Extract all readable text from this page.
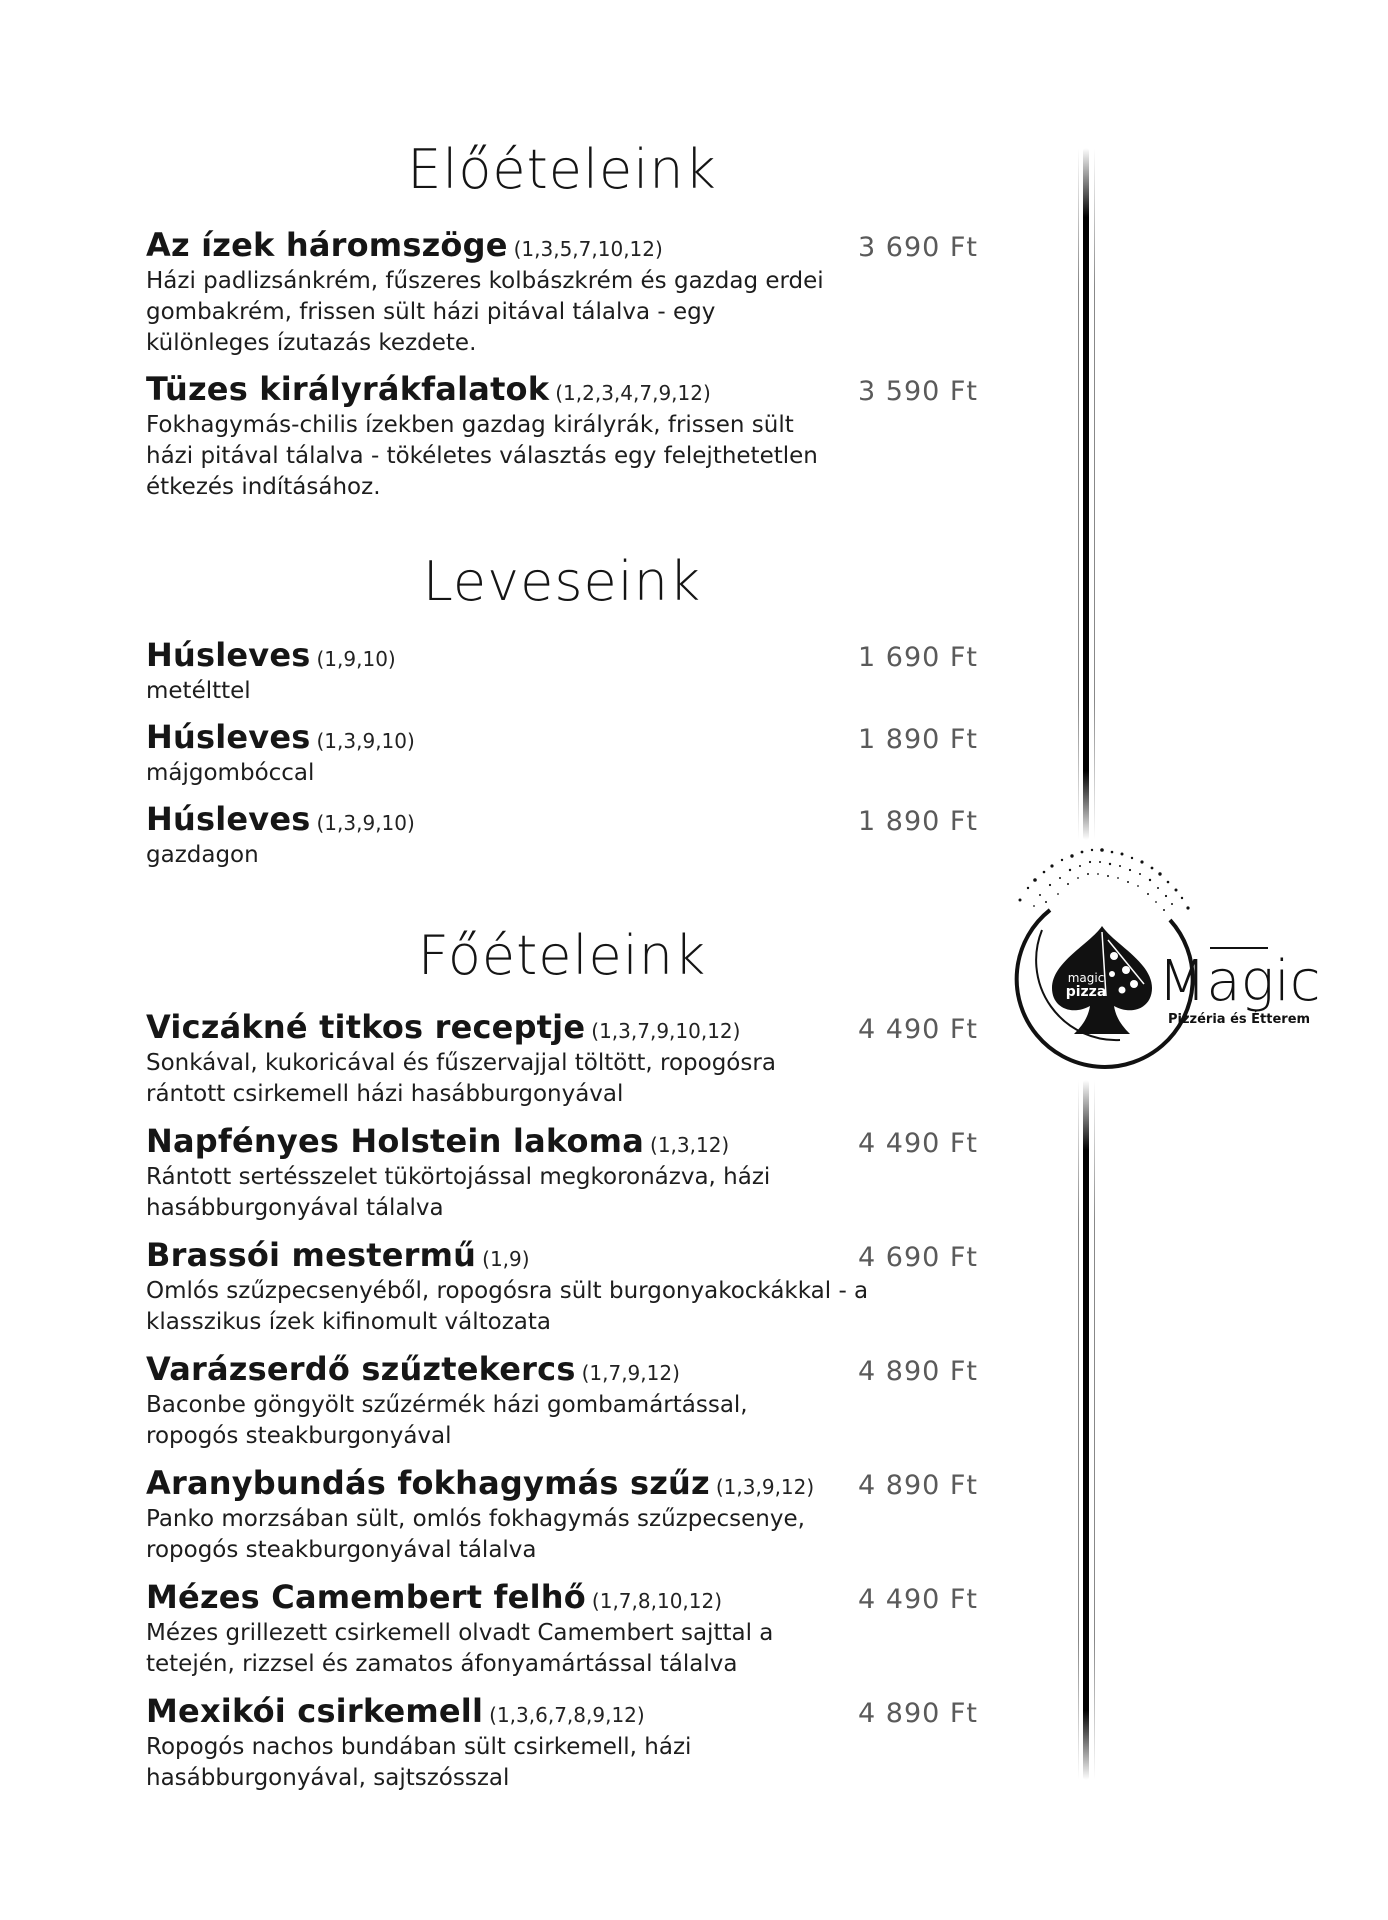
Előételeink
Az ízek háromszöge (1,3,5,7,10,12)	3 690 Ft
Házi padlizsánkrém, fűszeres kolbászkrém és gazdag erdei gombakrém, frissen sült házi pitával tálalva - egy különleges ízutazás kezdete.
Tüzes királyrákfalatok (1,2,3,4,7,9,12)	3 590 Ft
Fokhagymás-chilis ízekben gazdag királyrák, frissen sült házi pitával tálalva - tökéletes választás egy felejthetetlen étkezés indításához.
Leveseink
Húsleves (1,9,10)	1 690 Ft
metélttel
Húsleves (1,3,9,10)	1 890 Ft
májgombóccal
Húsleves (1,3,9,10)	1 890 Ft
gazdagon
Főételeink
Viczákné titkos receptje (1,3,7,9,10,12)	4 490 Ft
Sonkával, kukoricával és fűszervajjal töltött, ropogósra rántott csirkemell házi hasábburgonyával
Napfényes Holstein lakoma (1,3,12)	4 490 Ft
Rántott sertésszelet tükörtojással megkoronázva, házi hasábburgonyával tálalva
Brassói mestermű (1,9)	4 690 Ft
Omlós szűzpecsenyéből, ropogósra sült burgonyakockákkal - a klasszikus ízek kifinomult változata
Varázserdő szűztekercs (1,7,9,12)	4 890 Ft
Baconbe göngyölt szűzérmék házi gombamártással, ropogós steakburgonyával
Aranybundás fokhagymás szűz (1,3,9,12) 4 890 Ft
Panko morzsában sült, omlós fokhagymás szűzpecsenye, ropogós steakburgonyával tálalva
Mézes Camembert felhő (1,7,8,10,12)	4 490 Ft
Mézes grillezett csirkemell olvadt Camembert sajttal a tetején, rizzsel és zamatos áfonyamártással tálalva
Mexikói csirkemell (1,3,6,7,8,9,12)	4 890 Ft
Ropogós nachos bundában sült csirkemell, házi hasábburgonyával, sajtszósszal
magic
pizza Magic
Pizzéria és Étterem
